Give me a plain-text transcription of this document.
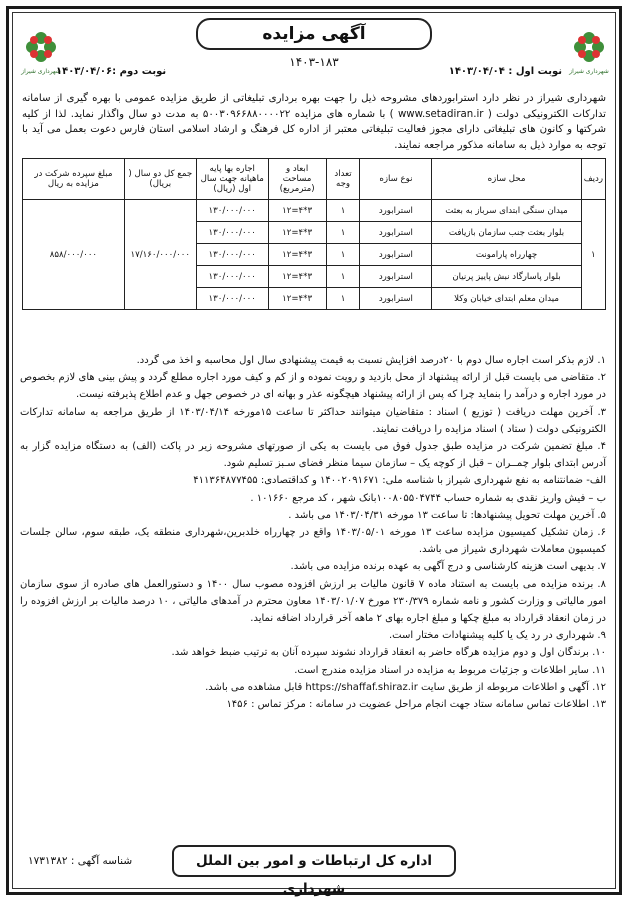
شهرداری شیراز
شهرداری شیراز
آگهی مزایده
۱۴۰۳-۱۸۳
نوبت اول : ۱۴۰۳/۰۴/۰۴
نوبت دوم :۱۴۰۳/۰۴/۰۶
شهرداری شیراز در نظر دارد استرابوردهای مشروحه ذیل را جهت بهره برداری تبلیغاتی از طریق مزایده عمومی با بهره گیری از سامانه تدارکات الکترونیکی دولت ( www.setadiran.ir ) با شماره های مزایده ۵۰۰۳۰۹۶۶۸۸۰۰۰۰۲۲ به مدت دو سال واگذار نماید. لذا از کلیه شرکتها و کانون های تبلیغاتی دارای مجوز فعالیت تبلیغاتی معتبر از اداره کل فرهنگ و ارشاد اسلامی استان فارس دعوت بعمل می آید با توجه به موارد ذیل به سامانه مذکور مراجعه نمایند.
ردیف	محل سازه	نوع سازه	تعداد وجه	ابعاد و مساحت (مترمربع)	اجاره بها پایه ماهیانه جهت سال اول (ریال)	جمع کل دو سال ( بریال)	مبلغ سپرده شرکت در مزایده به ریال
۱	میدان سنگی ابتدای سرباز به بعثت	استرابورد	۱	۳*۴=۱۲	۱۳۰/۰۰۰/۰۰۰	۱۷/۱۶۰/۰۰۰/۰۰۰	۸۵۸/۰۰۰/۰۰۰
	بلوار بعثت جنب سازمان بازیافت	استرابورد	۱	۳*۴=۱۲	۱۳۰/۰۰۰/۰۰۰		
	چهارراه پارامونت	استرابورد	۱	۳*۴=۱۲	۱۳۰/۰۰۰/۰۰۰		
	بلوار پاسارگاد نبش پاییز پرنیان	استرابورد	۱	۳*۴=۱۲	۱۳۰/۰۰۰/۰۰۰		
	میدان معلم ابتدای خیابان وکلا	استرابورد	۱	۳*۴=۱۲	۱۳۰/۰۰۰/۰۰۰		

۱. لازم بذکر است اجاره سال دوم با ۲۰درصد افزایش نسبت به قیمت پیشنهادی سال اول محاسبه و اخذ می گردد.

۲. متقاضی می بایست قبل از ارائه پیشنهاد از محل بازدید و رویت نموده و از کم و کیف مورد اجاره مطلع گردد و پیش بینی های لازم بخصوص در مورد اجاره و درآمد را بنماید چرا که پس از ارائه پیشنهاد هیچگونه عذر و بهانه ای در خصوص جهل و عدم اطلاع پذیرفته نیست.

۳. آخرین مهلت دریافت ( توزیع ) اسناد : متقاضیان میتوانند حداکثر تا ساعت ۱۵مورخه ۱۴۰۳/۰۴/۱۴ از طریق مراجعه به سامانه تدارکات الکترونیکی دولت ( ستاد ) اسناد مزایده را دریافت نمایند.

۴. مبلغ تضمین شرکت در مزایده طبق جدول فوق می بایست به یکی از صورتهای مشروحه زیر در پاکت (الف) به دستگاه مزایده گزار به آدرس ابتدای بلوار چمــران – قبل از کوچه یک – سازمان سیما منظر فضای سـبز تسلیم شود.

الف- ضمانتنامه به نفع شهرداری شیراز با شناسه ملی: ۱۴۰۰۲۰۹۱۶۷۱ و کداقتصادی: ۴۱۱۳۶۴۸۷۷۴۵۵

ب – فیش واریز نقدی به شماره حساب ۱۰۰۸۰۵۵۰۴۷۴۴بانک شهر ، کد مرجع ۱۰۱۶۶۰ .

۵. آخرین مهلت تحویل پیشنهادها: تا ساعت ۱۳ مورخه ۱۴۰۳/۰۴/۳۱ می باشد .

۶. زمان تشکیل کمیسیون مزایده ساعت ۱۳ مورخه ۱۴۰۳/۰۵/۰۱ واقع در چهارراه خلدبرین،شهرداری منطقه یک، طبقه سوم، سالن جلسات کمیسیون معاملات شهرداری شیراز می باشد.

۷. بدیهی است هزینه کارشناسی و درج آگهی به عهده برنده مزایده می باشد.

۸. برنده مزایده می بایست به استناد ماده ۷ قانون مالیات بر ارزش افزوده مصوب سال ۱۴۰۰ و دستورالعمل های صادره از سوی سازمان امور مالیاتی و وزارت کشور و نامه شماره ۲۳۰/۳۷۹ مورخ ۱۴۰۳/۰۱/۰۷ معاون محترم در آمدهای مالیاتی ، ۱۰ درصد مالیات بر ارزش افزوده را در زمان انعقاد قرارداد به مبلغ چکها و مبلغ اجاره بهای ۲ ماهه آخر قرارداد اضافه نماید.

۹. شهرداری در رد یک یا کلیه پیشنهادات مختار است.

۱۰. برندگان اول و دوم مزایده هرگاه حاضر به انعقاد قرارداد نشوند سپرده آنان به ترتیب ضبط خواهد شد.

۱۱. سایر اطلاعات و جزئیات مربوط به مزایده در اسناد مزایده مندرج است.

۱۲. آگهی و اطلاعات مربوطه از طریق سایت https://shaffaf.shiraz.ir قابل مشاهده می باشد.

۱۳. اطلاعات تماس سامانه ستاد جهت انجام مراحل عضویت در سامانه : مرکز تماس : ۱۴۵۶

اداره کل ارتباطات و امور بین الملل شهرداری
شناسه آگهی : ۱۷۳۱۳۸۲
